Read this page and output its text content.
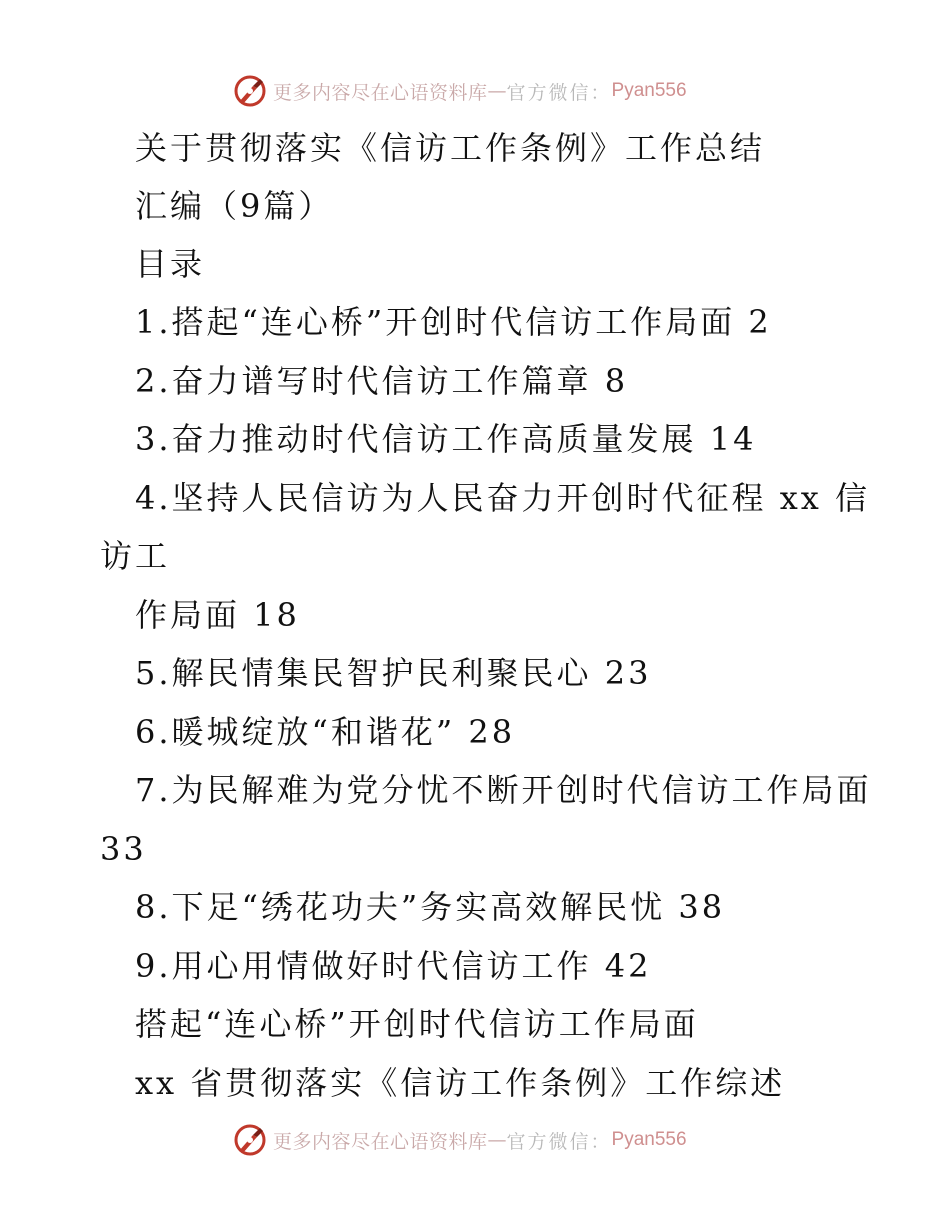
更多内容尽在心语资料库 — 官方微信： Pyan556
关于贯彻落实《信访工作条例》工作总结
汇编（9篇）
目录
1.搭起“连心桥”开创时代信访工作局面 2
2.奋力谱写时代信访工作篇章 8
3.奋力推动时代信访工作高质量发展 14
4.坚持人民信访为人民奋力开创时代征程 xx 信
访工
作局面 18
5.解民情集民智护民利聚民心 23
6.暖城绽放“和谐花” 28
7.为民解难为党分忧不断开创时代信访工作局面
33
8.下足“绣花功夫”务实高效解民忧 38
9.用心用情做好时代信访工作 42
搭起“连心桥”开创时代信访工作局面
xx 省贯彻落实《信访工作条例》工作综述
更多内容尽在心语资料库 — 官方微信： Pyan556
